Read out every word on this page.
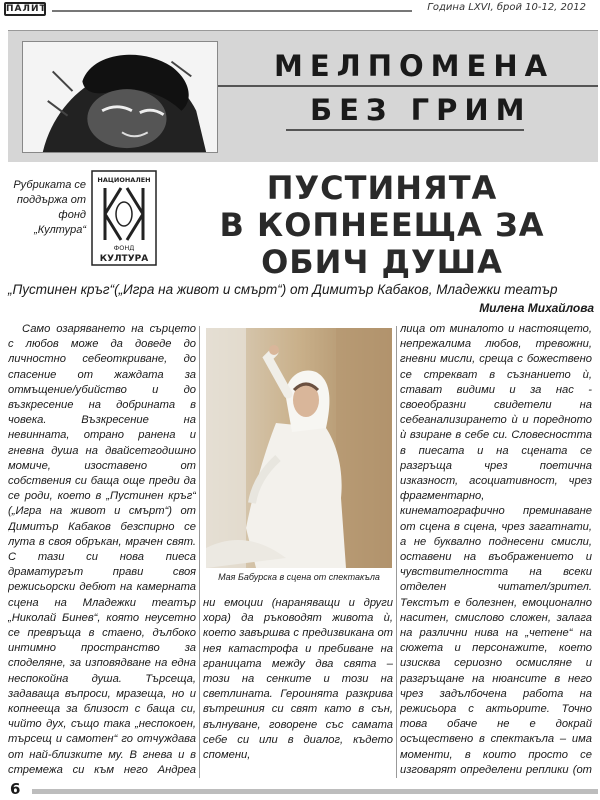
ПАЛИТ	Година LXVI, брой 10-12, 2012
МЕЛПОМЕНА
БЕЗ ГРИМ
Рубриката се поддържа от фонд „Култура“
НАЦИОНАЛЕН
ФОНД
КУЛТУРА
ПУСТИНЯТА
В КОПНЕЕЩА ЗА
ОБИЧ ДУША
„Пустинен кръг“(„Игра на живот и смърт“) от Димитър Кабаков, Младежки театър
Милена Михайлова

Само озаряването на сърцето с любов може да доведе до личностно себеоткриване, до спасение от жаждата за отмъщение/убийство и до възкресение на добрината в човека. Възкресение на невинната, отрано ранена и гневна душа на двайсетгодишно момиче, изоставено от собствения си баща още преди да се роди, което в „Пустинен кръг“ („Игра на живот и смърт“) от Димитър Кабаков безспирно се лута в своя обръкан, мрачен свят. С тази си нова пиеса драматургът прави своя режисьорски дебют на камерната сцена на Младежки театър „Николай Бинев“, която неусетно се превръща в стаено, дълбоко интимно пространство за споделяне, за изповядване на една неспокойна душа. Търсеща, задаваща въпроси, мразеща, но и копнееща за близост с баща си, чийто дух, също така „неспокоен, търсещ и самотен“ го отчуждава от най-близките му. В гнева и в стремежа си към него Андреа

Мая Бабурска в сцена от спектакъла

ни емоции (нараняващи и други хора) да ръководят живота ѝ, което завършва с предизвикана от нея катастрофа и пребиване на границата между два свята – този на сенките и този на светлината. Героинята разкрива вътрешния си свят като в сън, вълнуване, говорене със самата себе си или в диалог, където спомени,

лица от миналото и настоящето, непрежалима любов, тревожни, гневни мисли, среща с божествено се стрекват в съзнанието ѝ, стават видими и за нас - своеобразни свидетели на себеанализирането ѝ и поредното ѝ взиране в себе си. Словесността в пиесата и на сцената се разгръща чрез поетична изказност, асоциативност, чрез фрагментарно, кинематографично преминаване от сцена в сцена, чрез загатнати, а не буквално поднесени смисли, оставени на въображението и чувствителността на всеки отделен читател/зрител. Текстът е болезнен, емоционално наситен, смислово сложен, залага на различни нива на „четене“ на сюжета и персонажите, което изисква сериозно осмисляне и разгръщане на нюансите в него чрез задълбочена работа на режисьора с актьорите. Точно това обаче не е докрай осъществено в спектакъла – има моменти, в които просто се изговарят определени реплики (от

6
